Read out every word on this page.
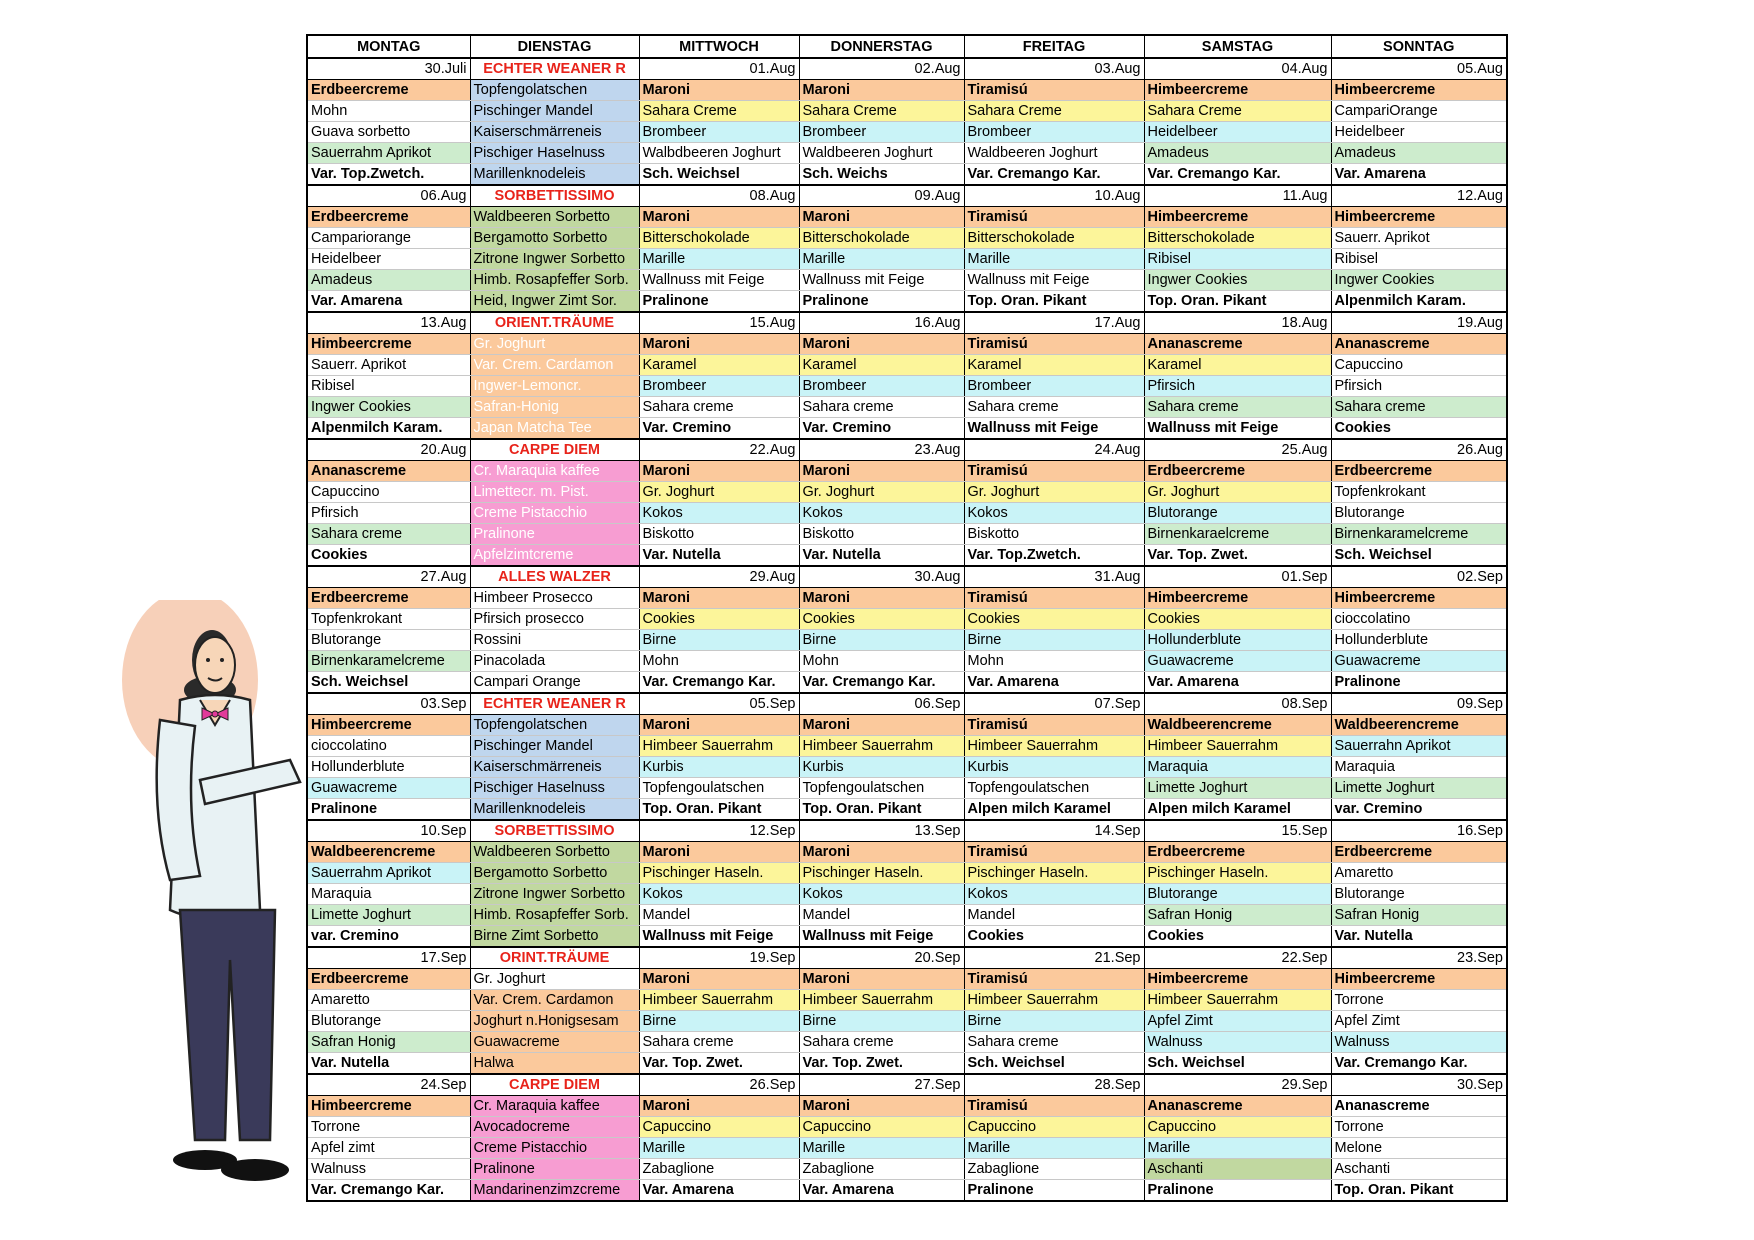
MONTAG	DIENSTAG	MITTWOCH	DONNERSTAG	FREITAG	SAMSTAG	SONNTAG
30.Juli	ECHTER WEANER R	01.Aug	02.Aug	03.Aug	04.Aug	05.Aug
Erdbeercreme	Topfengolatschen	Maroni	Maroni	Tiramisú	Himbeercreme	Himbeercreme
Mohn	Pischinger Mandel	Sahara Creme	Sahara Creme	Sahara Creme	Sahara Creme	CampariOrange
Guava sorbetto	Kaiserschmärreneis	Brombeer	Brombeer	Brombeer	Heidelbeer	Heidelbeer
Sauerrahm Aprikot	Pischiger Haselnuss	Walbdbeeren Joghurt	Waldbeeren Joghurt	Waldbeeren Joghurt	Amadeus	Amadeus
Var. Top.Zwetch.	Marillenknodeleis	Sch. Weichsel	Sch. Weichs	Var. Cremango Kar.	Var. Cremango Kar.	Var. Amarena
06.Aug	SORBETTISSIMO	08.Aug	09.Aug	10.Aug	11.Aug	12.Aug
Erdbeercreme	Waldbeeren Sorbetto	Maroni	Maroni	Tiramisú	Himbeercreme	Himbeercreme
Campariorange	Bergamotto Sorbetto	Bitterschokolade	Bitterschokolade	Bitterschokolade	Bitterschokolade	Sauerr. Aprikot
Heidelbeer	Zitrone Ingwer Sorbetto	Marille	Marille	Marille	Ribisel	Ribisel
Amadeus	Himb. Rosapfeffer Sorb.	Wallnuss mit Feige	Wallnuss mit Feige	Wallnuss mit Feige	Ingwer Cookies	Ingwer Cookies
Var. Amarena	Heid, Ingwer Zimt Sor.	Pralinone	Pralinone	Top. Oran. Pikant	Top. Oran. Pikant	Alpenmilch Karam.
13.Aug	ORIENT.TRÄUME	15.Aug	16.Aug	17.Aug	18.Aug	19.Aug
Himbeercreme	Gr. Joghurt	Maroni	Maroni	Tiramisú	Ananascreme	Ananascreme
Sauerr. Aprikot	Var. Crem. Cardamon	Karamel	Karamel	Karamel	Karamel	Capuccino
Ribisel	Ingwer-Lemoncr.	Brombeer	Brombeer	Brombeer	Pfirsich	Pfirsich
Ingwer Cookies	Safran-Honig	Sahara creme	Sahara creme	Sahara creme	Sahara creme	Sahara creme
Alpenmilch Karam.	Japan Matcha Tee	Var. Cremino	Var. Cremino	Wallnuss mit Feige	Wallnuss mit Feige	Cookies
20.Aug	CARPE DIEM	22.Aug	23.Aug	24.Aug	25.Aug	26.Aug
Ananascreme	Cr. Maraquia kaffee	Maroni	Maroni	Tiramisú	Erdbeercreme	Erdbeercreme
Capuccino	Limettecr. m. Pist.	Gr. Joghurt	Gr. Joghurt	Gr. Joghurt	Gr. Joghurt	Topfenkrokant
Pfirsich	Creme Pistacchio	Kokos	Kokos	Kokos	Blutorange	Blutorange
Sahara creme	Pralinone	Biskotto	Biskotto	Biskotto	Birnenkaraelcreme	Birnenkaramelcreme
Cookies	Apfelzimtcreme	Var. Nutella	Var. Nutella	Var. Top.Zwetch.	Var. Top. Zwet.	Sch. Weichsel
27.Aug	ALLES WALZER	29.Aug	30.Aug	31.Aug	01.Sep	02.Sep
Erdbeercreme	Himbeer Prosecco	Maroni	Maroni	Tiramisú	Himbeercreme	Himbeercreme
Topfenkrokant	Pfirsich prosecco	Cookies	Cookies	Cookies	Cookies	cioccolatino
Blutorange	Rossini	Birne	Birne	Birne	Hollunderblute	Hollunderblute
Birnenkaramelcreme	Pinacolada	Mohn	Mohn	Mohn	Guawacreme	Guawacreme
Sch. Weichsel	Campari Orange	Var. Cremango Kar.	Var. Cremango Kar.	Var. Amarena	Var. Amarena	Pralinone
03.Sep	ECHTER WEANER R	05.Sep	06.Sep	07.Sep	08.Sep	09.Sep
Himbeercreme	Topfengolatschen	Maroni	Maroni	Tiramisú	Waldbeerencreme	Waldbeerencreme
cioccolatino	Pischinger Mandel	Himbeer Sauerrahm	Himbeer Sauerrahm	Himbeer Sauerrahm	Himbeer Sauerrahm	Sauerrahn Aprikot
Hollunderblute	Kaiserschmärreneis	Kurbis	Kurbis	Kurbis	Maraquia	Maraquia
Guawacreme	Pischiger Haselnuss	Topfengoulatschen	Topfengoulatschen	Topfengoulatschen	Limette Joghurt	Limette Joghurt
Pralinone	Marillenknodeleis	Top. Oran. Pikant	Top. Oran. Pikant	Alpen milch Karamel	Alpen milch Karamel	var. Cremino
10.Sep	SORBETTISSIMO	12.Sep	13.Sep	14.Sep	15.Sep	16.Sep
Waldbeerencreme	Waldbeeren Sorbetto	Maroni	Maroni	Tiramisú	Erdbeercreme	Erdbeercreme
Sauerrahm Aprikot	Bergamotto Sorbetto	Pischinger Haseln.	Pischinger Haseln.	Pischinger Haseln.	Pischinger Haseln.	Amaretto
Maraquia	Zitrone Ingwer Sorbetto	Kokos	Kokos	Kokos	Blutorange	Blutorange
Limette Joghurt	Himb. Rosapfeffer Sorb.	Mandel	Mandel	Mandel	Safran Honig	Safran Honig
var. Cremino	Birne Zimt Sorbetto	Wallnuss mit Feige	Wallnuss mit Feige	Cookies	Cookies	Var. Nutella
17.Sep	ORINT.TRÄUME	19.Sep	20.Sep	21.Sep	22.Sep	23.Sep
Erdbeercreme	Gr. Joghurt	Maroni	Maroni	Tiramisú	Himbeercreme	Himbeercreme
Amaretto	Var. Crem. Cardamon	Himbeer Sauerrahm	Himbeer Sauerrahm	Himbeer Sauerrahm	Himbeer Sauerrahm	Torrone
Blutorange	Joghurt n.Honigsesam	Birne	Birne	Birne	Apfel Zimt	Apfel Zimt
Safran Honig	Guawacreme	Sahara creme	Sahara creme	Sahara creme	Walnuss	Walnuss
Var. Nutella	Halwa	Var. Top. Zwet.	Var. Top. Zwet.	Sch. Weichsel	Sch. Weichsel	Var. Cremango Kar.
24.Sep	CARPE DIEM	26.Sep	27.Sep	28.Sep	29.Sep	30.Sep
Himbeercreme	Cr. Maraquia kaffee	Maroni	Maroni	Tiramisú	Ananascreme	Ananascreme
Torrone	Avocadocreme	Capuccino	Capuccino	Capuccino	Capuccino	Torrone
Apfel zimt	Creme Pistacchio	Marille	Marille	Marille	Marille	Melone
Walnuss	Pralinone	Zabaglione	Zabaglione	Zabaglione	Aschanti	Aschanti
Var. Cremango Kar.	Mandarinenzimzcreme	Var. Amarena	Var. Amarena	Pralinone	Pralinone	Top. Oran. Pikant
